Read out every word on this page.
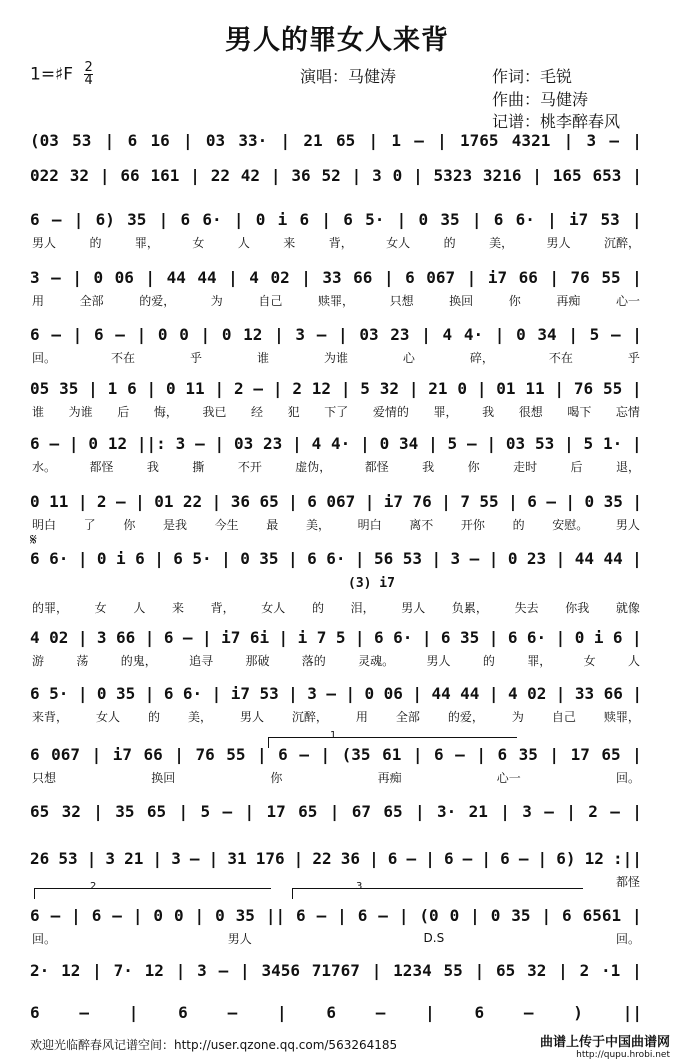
男人的罪女人来背
1=♯F $\frac{2}{4}$	演唱：马健涛	作词：毛锐
作曲：马健涛
记谱：桃李醉春风
(03 53 | 6 16 | 03 33· | 21 65 | 1 – | 1765 4321 | 3 – |
022 32 | 66 161 | 22 42 | 36 52 | 3 0 | 5323 3216 | 165 653 |
6 – | 6) 35 | 6 6· | 0 i 6 | 6 5· | 0 35 | 6 6· | i7 53 |
男人	的	罪，	女	人	来	背，	女人	的	美，	男人	沉醉，
3 – | 0 06 | 44 44 | 4 02 | 33 66 | 6 067 | i7 66 | 76 55 |
用	全部	的爱，	为	自己	赎罪，	只想	换回	你	再痴	心一
6 – | 6 – | 0 0 | 0 12 | 3 – | 03 23 | 4 4· | 0 34 | 5 – |
回。	不在	乎	谁	为谁	心	碎，	不在	乎
05 35 | 1 6 | 0 11 | 2 – | 2 12 | 5 32 | 21 0 | 01 11 | 76 55 |
谁 为谁 后 悔， 我已 经 犯 下了 爱情的 罪， 我 很想 喝下 忘情
6 – | 0 12 ||: 3 – | 03 23 | 4 4· | 0 34 | 5 – | 03 53 | 5 1· |
水。	都怪	我	撕	不开	虚伪，	都怪	我	你	走时	后	退，
0 11 | 2 – | 01 22 | 36 65 | 6 067 | i7 76 | 7 55 | 6 – | 0 35 |
明白 了 你 是我 今生 最 美， 明白 离不 开你 的 安慰。 男人
6 6· | 0 i 6 | 6 5· | 0 35 | 6 6· | 56 53 | 3 – | 0 23 | 44 44 |
4 02 | 3 66 | 6 – | i7 6i | i 7 5 | 6 6· | 6 35 | 6 6· | 0 i 6 |
游	荡	的鬼，	追寻	那破	落的	灵魂。	男人	的	罪，	女	人
6 5· | 0 35 | 6 6· | i7 53 | 3 – | 0 06 | 44 44 | 4 02 | 33 66 |
来背， 女人 的 美， 男人 沉醉， 用 全部 的爱， 为 自己 赎罪，
6 067 | i7 66 | 76 55 | 6 – | (35 61 | 6 – | 6 35 | 17 65 |
只想	换回	你	再痴	心一	回。
65 32 | 35 65 | 5 – | 17 65 | 67 65 | 3· 21 | 3 – | 2 – |
26 53 | 3 21 | 3 – | 31 176 | 22 36 | 6 – | 6 – | 6 – | 6) 12 :||
都怪
6 – | 6 – | 0 0 | 0 35 || 6 – | 6 – | (0 0 | 0 35 | 6 6561 |
回。	男人	D.S	回。
2· 12 | 7· 12 | 3 – | 3456 71767 | 1234 55 | 65 32 | 2 ·1 |
6 – | 6 – | 6 – | 6 – ) ||
𝄋
(3) i7
的罪， 女 人 来 背， 女人 的 泪， 男人 负累， 失去 你我 就像
1
2	3
欢迎光临醉春风记谱空间：http://user.qzone.qq.com/563264185	曲谱上传于中国曲谱网
http://qupu.hrobi.net
